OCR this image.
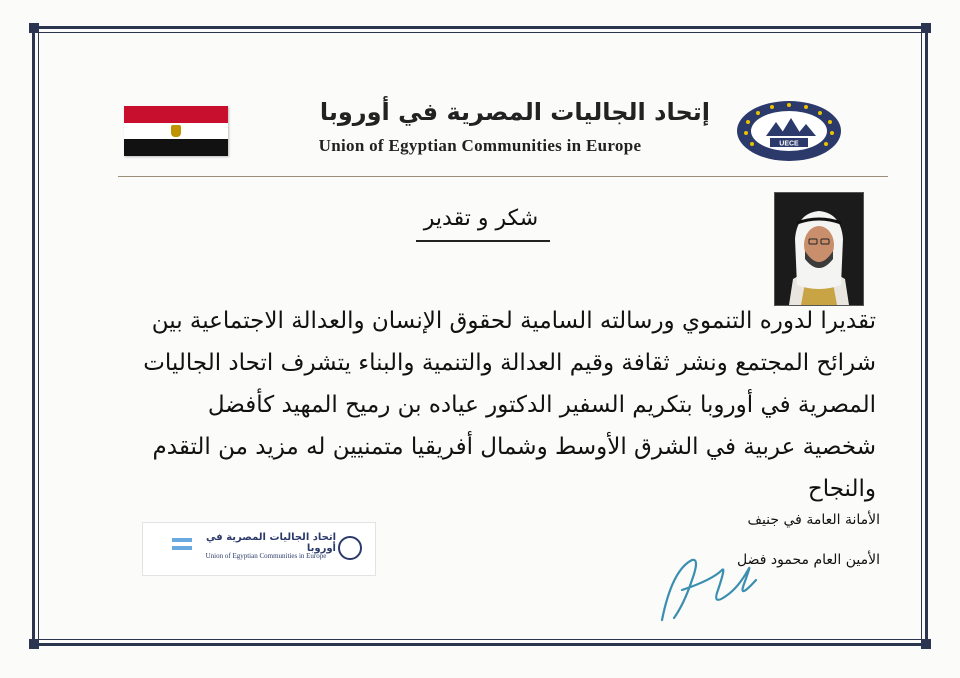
إتحاد الجاليات المصرية في أوروبا
Union of Egyptian Communities in Europe	UECE
شكر و تقدير

تقديرا لدوره التنموي ورسالته السامية لحقوق الإنسان والعدالة الاجتماعية بين
شرائح المجتمع ونشر ثقافة وقيم العدالة والتنمية والبناء يتشرف اتحاد الجاليات
المصرية في أوروبا بتكريم السفير الدكتور عياده بن رميح المهيد كأفضل
شخصية عربية في الشرق الأوسط وشمال أفريقيا متمنيين له مزيد من التقدم
والنجاح

اتحاد الجاليات المصرية في أوروبا
Union of Egyptian Communities in Europe
الأمانة العامة في جنيف
الأمين العام محمود فضل
